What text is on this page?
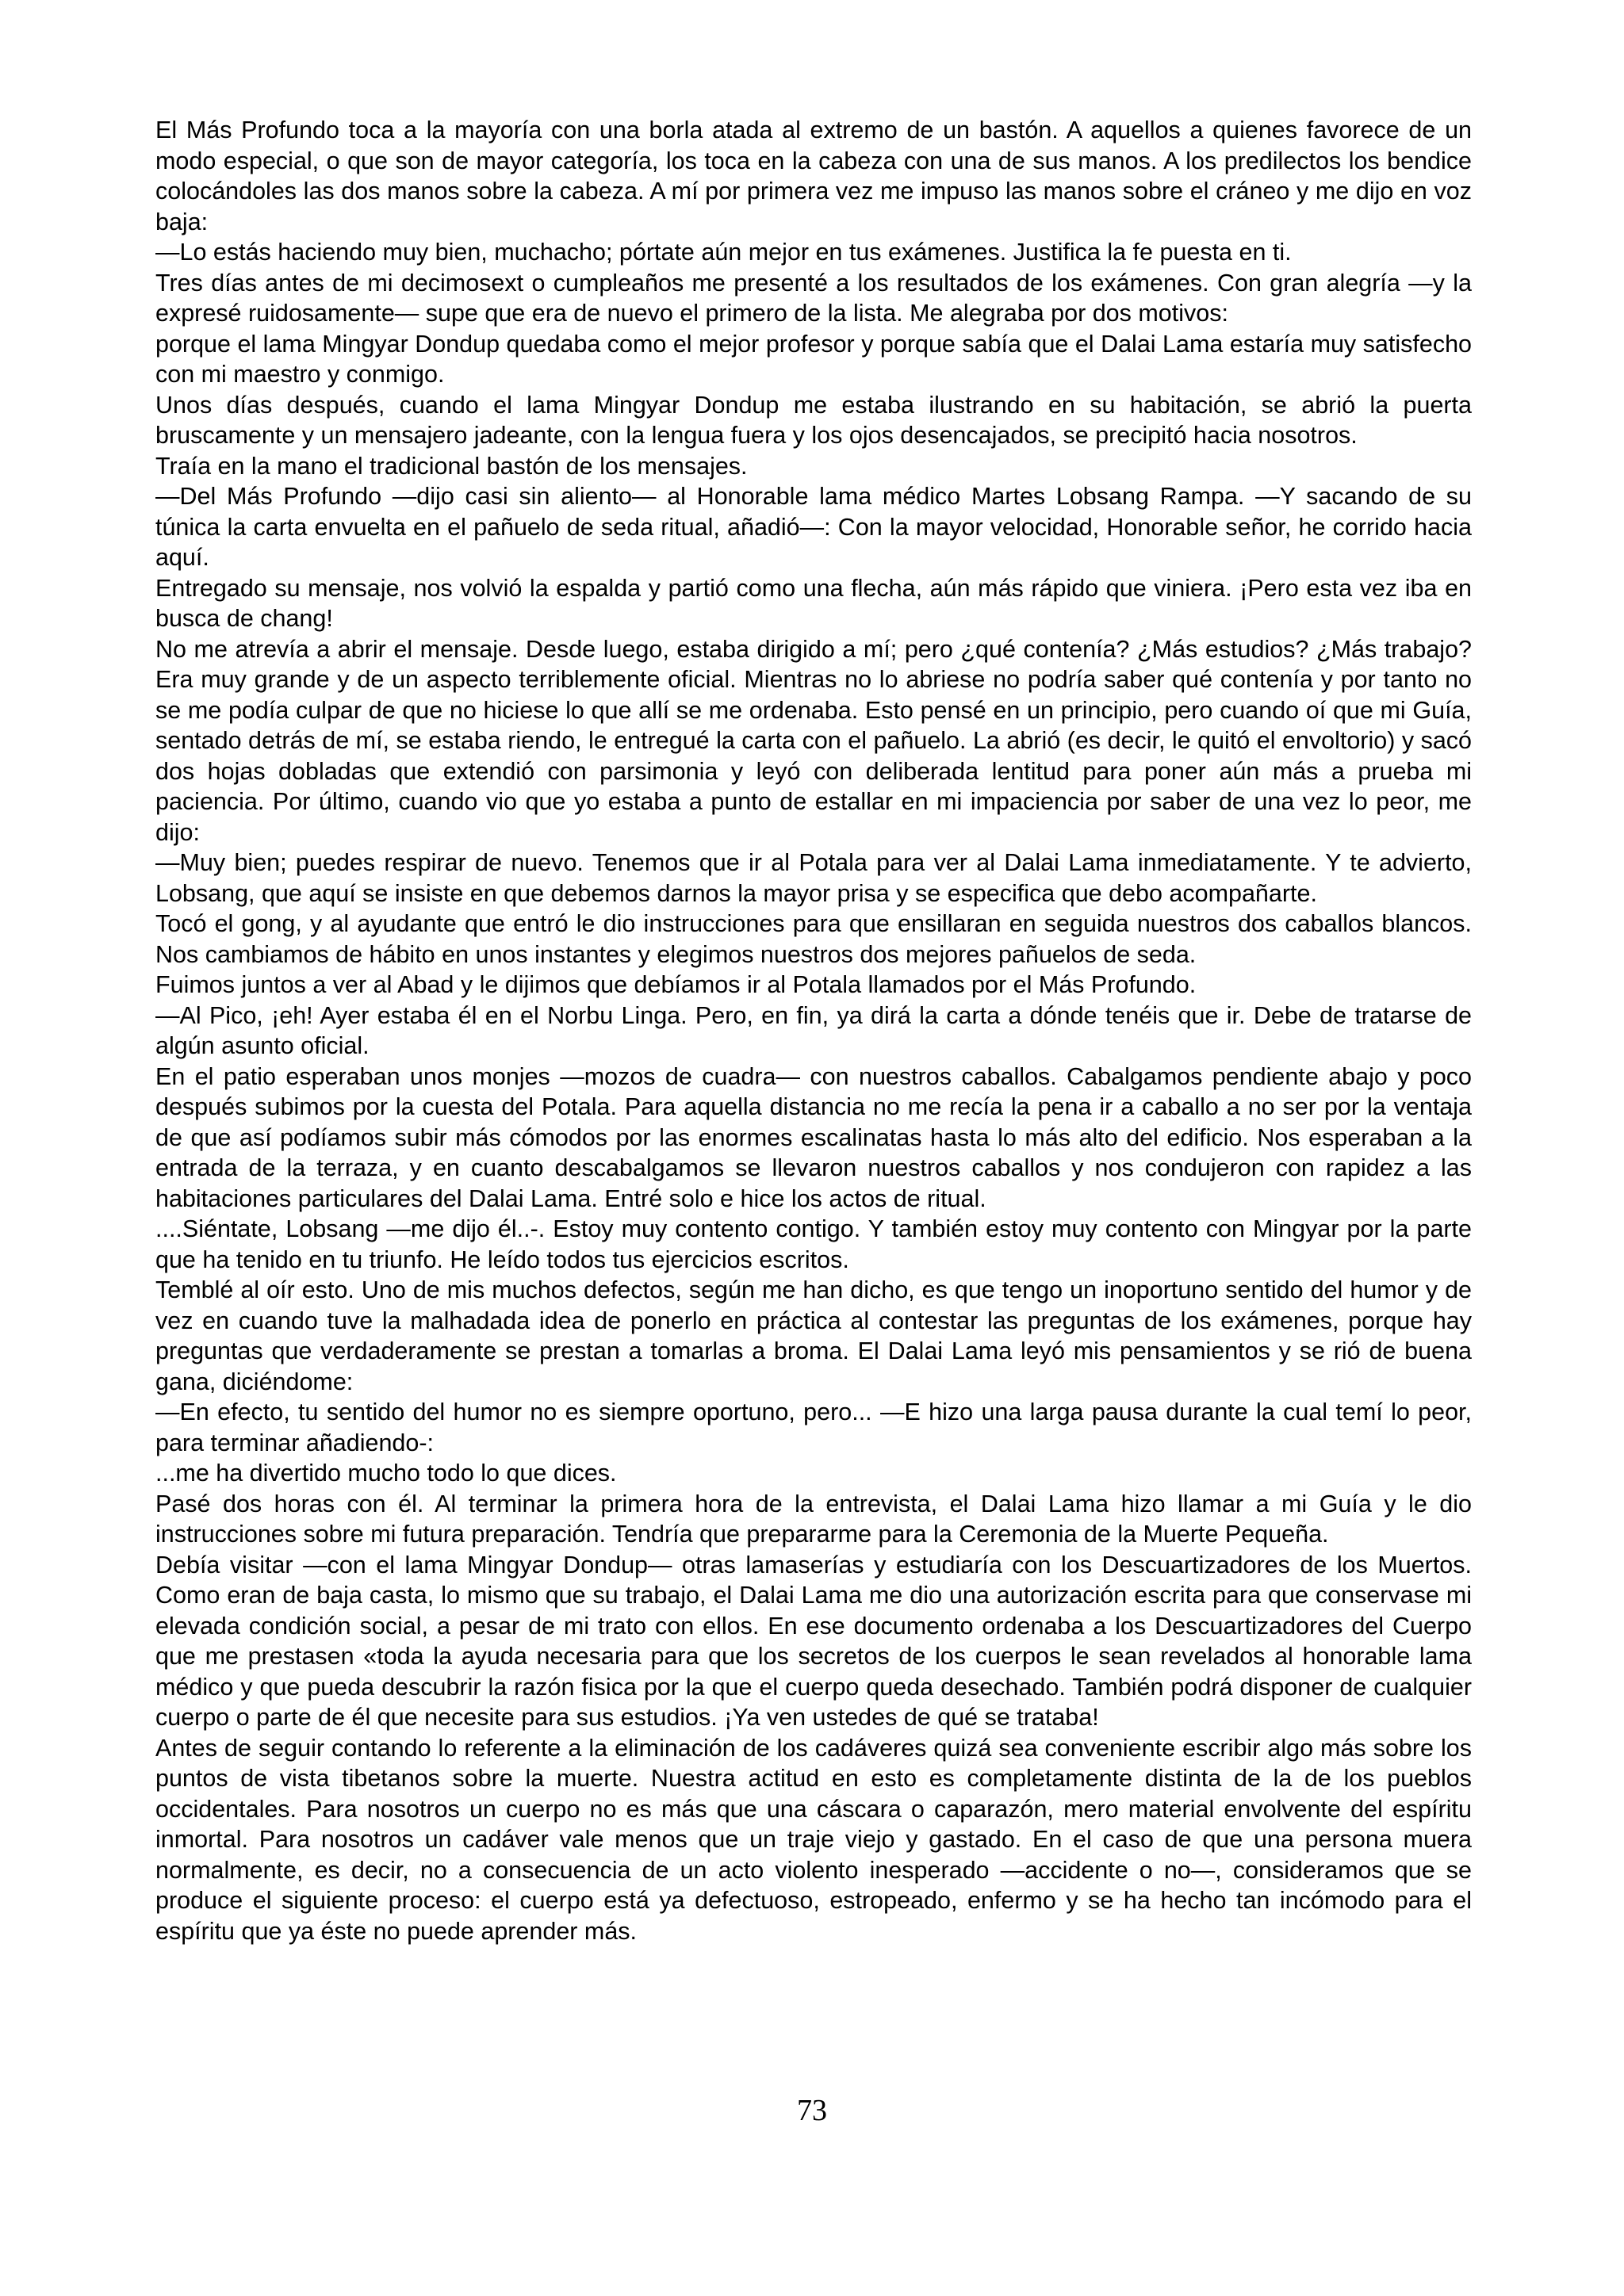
El Más Profundo toca a la mayoría con una borla atada al extremo de un bastón. A aquellos a quienes favorece de un modo especial, o que son de mayor categoría, los toca en la cabeza con una de sus manos. A los predilectos los bendice colocándoles las dos manos sobre la cabeza. A mí por primera vez me impuso las manos sobre el cráneo y me dijo en voz baja:

—Lo estás haciendo muy bien, muchacho; pórtate aún mejor en tus exámenes. Justifica la fe puesta en ti.

Tres días antes de mi decimosext o cumpleaños me presenté a los resultados de los exámenes. Con gran alegría —y la expresé ruidosamente— supe que era de nuevo el primero de la lista. Me alegraba por dos motivos:

porque el lama Mingyar Dondup quedaba como el mejor profesor y porque sabía que el Dalai Lama estaría muy satisfecho con mi maestro y conmigo.

Unos días después, cuando el lama Mingyar Dondup me estaba ilustrando en su habitación, se abrió la puerta bruscamente y un mensajero jadeante, con la lengua fuera y los ojos desencajados, se precipitó hacia nosotros.

Traía en la mano el tradicional bastón de los mensajes.

—Del Más Profundo —dijo casi sin aliento— al Honorable lama médico Martes Lobsang Rampa. —Y sacando de su túnica la carta envuelta en el pañuelo de seda ritual, añadió—: Con la mayor velocidad, Honorable señor, he corrido hacia aquí.

Entregado su mensaje, nos volvió la espalda y partió como una flecha, aún más rápido que viniera. ¡Pero esta vez iba en busca de chang!

No me atrevía a abrir el mensaje. Desde luego, estaba dirigido a mí; pero ¿qué contenía? ¿Más estudios? ¿Más trabajo? Era muy grande y de un aspecto terriblemente oficial. Mientras no lo abriese no podría saber qué contenía y por tanto no se me podía culpar de que no hiciese lo que allí se me ordenaba. Esto pensé en un principio, pero cuando oí que mi Guía, sentado detrás de mí, se estaba riendo, le entregué la carta con el pañuelo. La abrió (es decir, le quitó el envoltorio) y sacó dos hojas dobladas que extendió con parsimonia y leyó con deliberada lentitud para poner aún más a prueba mi paciencia. Por último, cuando vio que yo estaba a punto de estallar en mi impaciencia por saber de una vez lo peor, me dijo:

—Muy bien; puedes respirar de nuevo. Tenemos que ir al Potala para ver al Dalai Lama inmediatamente. Y te advierto, Lobsang, que aquí se insiste en que debemos darnos la mayor prisa y se especifica que debo acompañarte.

Tocó el gong, y al ayudante que entró le dio instrucciones para que ensillaran en seguida nuestros dos caballos blancos. Nos cambiamos de hábito en unos instantes y elegimos nuestros dos mejores pañuelos de seda.

Fuimos juntos a ver al Abad y le dijimos que debíamos ir al Potala llamados por el Más Profundo.

—Al Pico, ¡eh! Ayer estaba él en el Norbu Linga. Pero, en fin, ya dirá la carta a dónde tenéis que ir. Debe de tratarse de algún asunto oficial.

En el patio esperaban unos monjes —mozos de cuadra— con nuestros caballos. Cabalgamos pendiente abajo y poco después subimos por la cuesta del Potala. Para aquella distancia no me recía la pena ir a caballo a no ser por la ventaja de que así podíamos subir más cómodos por las enormes escalinatas hasta lo más alto del edificio. Nos esperaban a la entrada de la terraza, y en cuanto descabalgamos se llevaron nuestros caballos y nos condujeron con rapidez a las habitaciones particulares del Dalai Lama. Entré solo e hice los actos de ritual.

....Siéntate, Lobsang —me dijo él..-. Estoy muy contento contigo. Y también estoy muy contento con Mingyar por la parte que ha tenido en tu triunfo. He leído todos tus ejercicios escritos.

Temblé al oír esto. Uno de mis muchos defectos, según me han dicho, es que tengo un inoportuno sentido del humor y de vez en cuando tuve la malhadada idea de ponerlo en práctica al contestar las preguntas de los exámenes, porque hay preguntas que verdaderamente se prestan a tomarlas a broma. El Dalai Lama leyó mis pensamientos y se rió de buena gana, diciéndome:

—En efecto, tu sentido del humor no es siempre oportuno, pero... —E hizo una larga pausa durante la cual temí lo peor, para terminar añadiendo-:

...me ha divertido mucho todo lo que dices.

Pasé dos horas con él. Al terminar la primera hora de la entrevista, el Dalai Lama hizo llamar a mi Guía y le dio instrucciones sobre mi futura preparación. Tendría que prepararme para la Ceremonia de la Muerte Pequeña.

Debía visitar —con el lama Mingyar Dondup— otras lamaserías y estudiaría con los Descuartizadores de los Muertos. Como eran de baja casta, lo mismo que su trabajo, el Dalai Lama me dio una autorización escrita para que conservase mi elevada condición social, a pesar de mi trato con ellos. En ese documento ordenaba a los Descuartizadores del Cuerpo que me prestasen «toda la ayuda necesaria para que los secretos de los cuerpos le sean revelados al honorable lama médico y que pueda descubrir la razón fisica por la que el cuerpo queda desechado. También podrá disponer de cualquier cuerpo o parte de él que necesite para sus estudios. ¡Ya ven ustedes de qué se trataba!

Antes de seguir contando lo referente a la eliminación de los cadáveres quizá sea conveniente escribir algo más sobre los puntos de vista tibetanos sobre la muerte. Nuestra actitud en esto es completamente distinta de la de los pueblos occidentales. Para nosotros un cuerpo no es más que una cáscara o caparazón, mero material envolvente del espíritu inmortal. Para nosotros un cadáver vale menos que un traje viejo y gastado. En el caso de que una persona muera normalmente, es decir, no a consecuencia de un acto violento inesperado —accidente o no—, consideramos que se produce el siguiente proceso: el cuerpo está ya defectuoso, estropeado, enfermo y se ha hecho tan incómodo para el espíritu que ya éste no puede aprender más.

73
